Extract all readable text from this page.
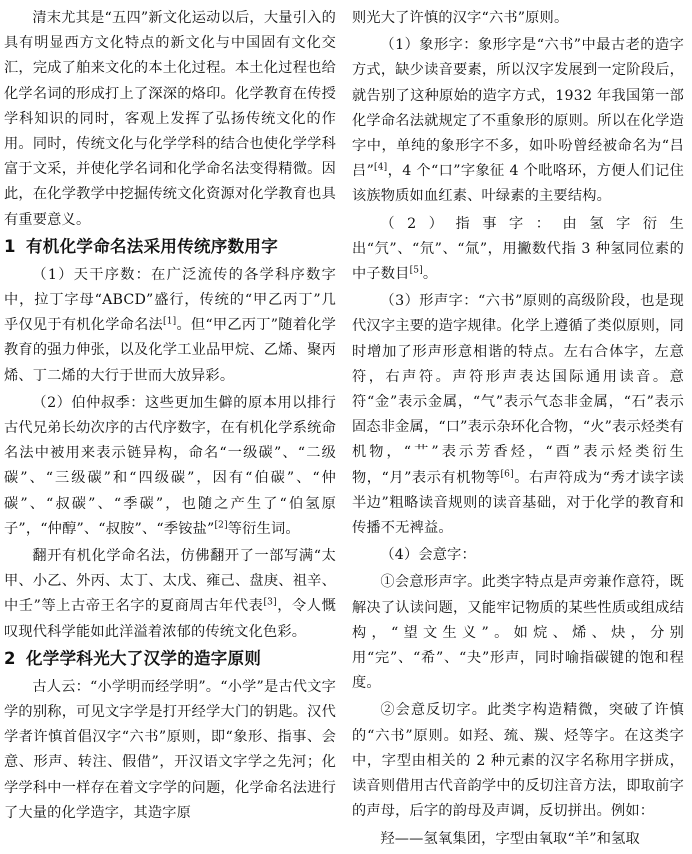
清末尤其是“五四”新文化运动以后，大量引入的具有明显西方文化特点的新文化与中国固有文化交汇，完成了舶来文化的本土化过程。本土化过程也给化学名词的形成打上了深深的烙印。化学教育在传授学科知识的同时，客观上发挥了弘扬传统文化的作用。同时，传统文化与化学学科的结合也使化学学科富于文采，并使化学名词和化学命名法变得精微。因此，在化学教学中挖掘传统文化资源对化学教育也具有重要意义。

1 有机化学命名法采用传统序数用字

（1）天干序数：在广泛流传的各学科序数字中，拉丁字母“ABCD”盛行，传统的“甲乙丙丁”几乎仅见于有机化学命名法[1]。但“甲乙丙丁”随着化学教育的强力伸张，以及化学工业品甲烷、乙烯、聚丙烯、丁二烯的大行于世而大放异彩。

（2）伯仲叔季：这些更加生僻的原本用以排行古代兄弟长幼次序的古代序数字，在有机化学系统命名法中被用来表示链异构，命名“一级碳”、“二级碳”、“三级碳”和“四级碳”，因有“伯碳”、“仲碳”、“叔碳”、“季碳”，也随之产生了“伯氢原子”，“仲醇”、“叔胺”、“季铵盐”[2]等衍生词。

翻开有机化学命名法，仿佛翻开了一部写满“太甲、小乙、外丙、太丁、太戊、雍己、盘庚、祖辛、中壬”等上古帝王名字的夏商周古年代表[3]，令人慨叹现代科学能如此洋溢着浓郁的传统文化色彩。

2 化学学科光大了汉学的造字原则

古人云：“小学明而经学明”。“小学”是古代文字学的别称，可见文字学是打开经学大门的钥匙。汉代学者许慎首倡汉字“六书”原则，即“象形、指事、会意、形声、转注、假借”，开汉语文字学之先河；化学学科中一样存在着文字学的问题，化学命名法进行了大量的化学造字，其造字原

则光大了许慎的汉字“六书”原则。

（1）象形字：象形字是“六书”中最古老的造字方式，缺少读音要素，所以汉字发展到一定阶段后，就告别了这种原始的造字方式，1932 年我国第一部化学命名法就规定了不重象形的原则。所以在化学造字中，单纯的象形字不多，如卟吩曾经被命名为“吕吕”[4]，4 个“口”字象征 4 个吡咯环，方便人们记住该族物质如血红素、叶绿素的主要结构。

（2）指事字：由氢字衍生出“氕”、“氘”、“氚”，用撇数代指 3 种氢同位素的中子数目[5]。

（3）形声字：“六书”原则的高级阶段，也是现代汉字主要的造字规律。化学上遵循了类似原则，同时增加了形声形意相谐的特点。左右合体字，左意符，右声符。声符形声表达国际通用读音。意符“金”表示金属，“气”表示气态非金属，“石”表示固态非金属，“口”表示杂环化合物，“火”表示烃类有机物，“艹”表示芳香烃，“酉”表示烃类衍生物，“月”表示有机物等[6]。右声符成为“秀才读字读半边”粗略读音规则的读音基础，对于化学的教育和传播不无裨益。

（4）会意字：

①会意形声字。此类字特点是声旁兼作意符，既解决了认读问题，又能牢记物质的某些性质或组成结构，“望文生义”。如烷、烯、炔，分别用“完”、“希”、“夬”形声，同时喻指碳键的饱和程度。

②会意反切字。此类字构造精微，突破了许慎的“六书”原则。如羟、巯、羰、烃等字。在这类字中，字型由相关的 2 种元素的汉字名称用字拼成，读音则借用古代音韵学中的反切注音方法，即取前字的声母，后字的韵母及声调，反切拼出。例如：

羟——氢氧集团，字型由氧取“羊”和氢取
